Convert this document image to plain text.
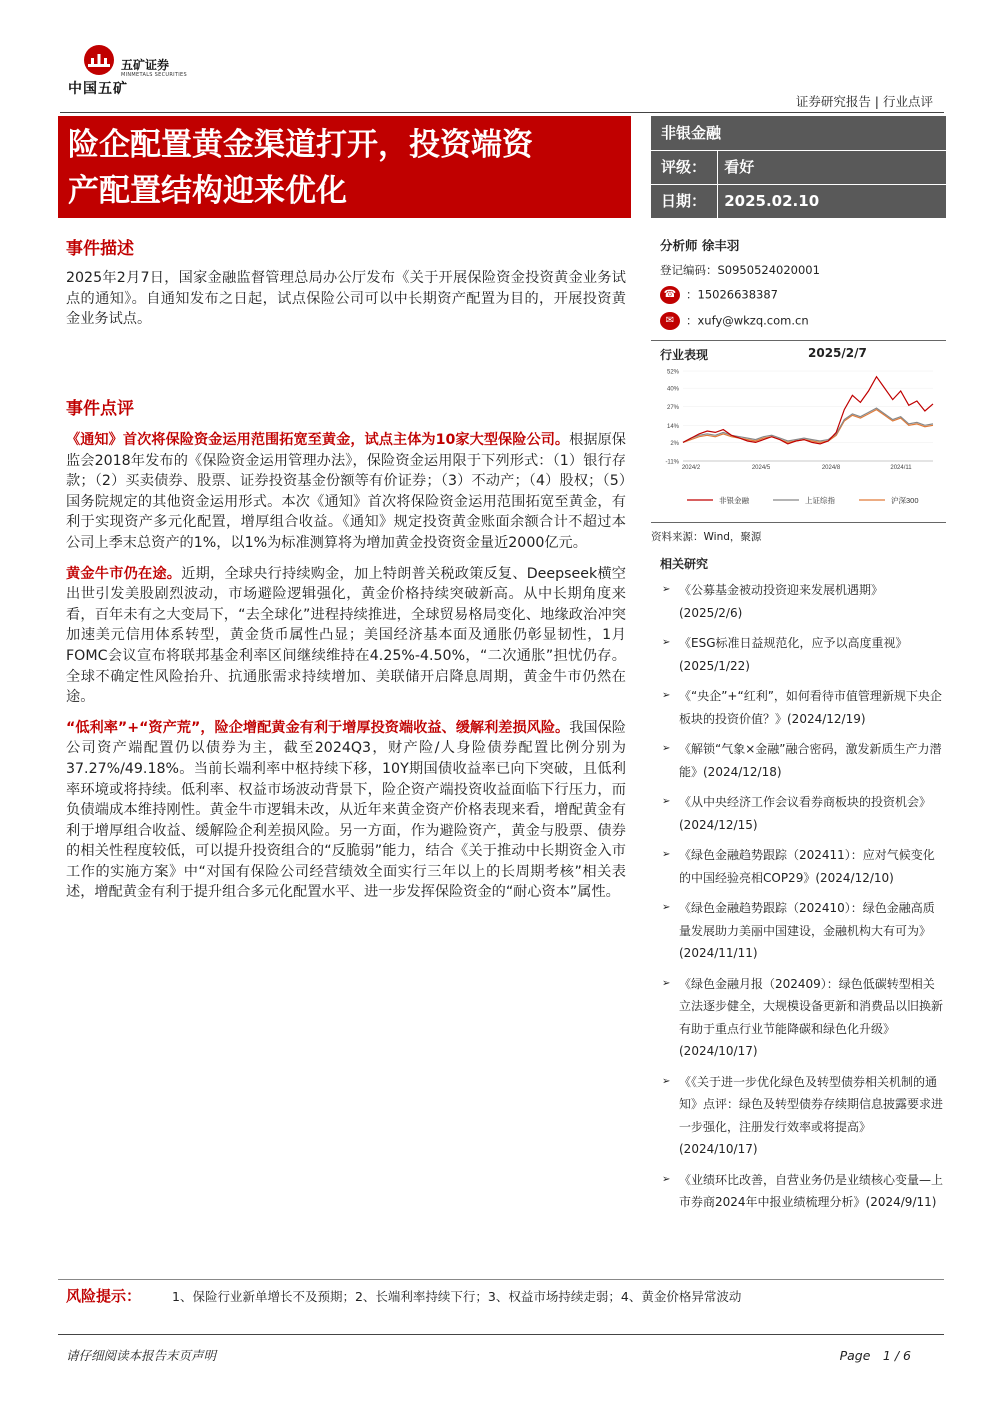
中国五矿
五矿证券
MINMETALS SECURITIES
证券研究报告 | 行业点评
险企配置黄金渠道打开，投资端资
产配置结构迎来优化
非银金融
评级： 看好
日期： 2025.02.10
事件描述
2025年2月7日，国家金融监督管理总局办公厅发布《关于开展保险资金投资黄金业务试点的通知》。自通知发布之日起，试点保险公司可以中长期资产配置为目的，开展投资黄金业务试点。
事件点评

《通知》首次将保险资金运用范围拓宽至黄金，试点主体为10家大型保险公司。根据原保监会2018年发布的《保险资金运用管理办法》，保险资金运用限于下列形式：（1）银行存款；（2）买卖债券、股票、证券投资基金份额等有价证券；（3）不动产；（4）股权；（5）国务院规定的其他资金运用形式。本次《通知》首次将保险资金运用范围拓宽至黄金，有利于实现资产多元化配置，增厚组合收益。《通知》规定投资黄金账面余额合计不超过本公司上季末总资产的1%，以1%为标准测算将为增加黄金投资资金量近2000亿元。

黄金牛市仍在途。近期，全球央行持续购金，加上特朗普关税政策反复、Deepseek横空出世引发美股剧烈波动，市场避险逻辑强化，黄金价格持续突破新高。从中长期角度来看，百年未有之大变局下，“去全球化”进程持续推进，全球贸易格局变化、地缘政治冲突加速美元信用体系转型，黄金货币属性凸显；美国经济基本面及通胀仍彰显韧性，1月FOMC会议宣布将联邦基金利率区间继续维持在4.25%-4.50%，“二次通胀”担忧仍存。全球不确定性风险抬升、抗通胀需求持续增加、美联储开启降息周期，黄金牛市仍然在途。

“低利率”+“资产荒”，险企增配黄金有利于增厚投资端收益、缓解利差损风险。我国保险公司资产端配置仍以债券为主，截至2024Q3，财产险/人身险债券配置比例分别为37.27%/49.18%。当前长端利率中枢持续下移，10Y期国债收益率已向下突破，且低利率环境或将持续。低利率、权益市场波动背景下，险企资产端投资收益面临下行压力，而负债端成本维持刚性。黄金牛市逻辑未改，从近年来黄金资产价格表现来看，增配黄金有利于增厚组合收益、缓解险企利差损风险。另一方面，作为避险资产，黄金与股票、债券的相关性程度较低，可以提升投资组合的“反脆弱”能力，结合《关于推动中长期资金入市工作的实施方案》中“对国有保险公司经营绩效全面实行三年以上的长周期考核”相关表述，增配黄金有利于提升组合多元化配置水平、进一步发挥保险资金的“耐心资本”属性。

分析师 徐丰羽
登记编码：S0950524020001
☎ ：15026638387
✉ ：xufy@wkzq.com.cn
行业表现	2025/2/7
52%
40%
27%
14%
2%
-11%
2024/2	2024/5	2024/8	2024/11
非银金融	上证综指	沪深300
资料来源：Wind，聚源
相关研究
➢ 《公募基金被动投资迎来发展机遇期》(2025/2/6)
➢ 《ESG标准日益规范化，应予以高度重视》(2025/1/22)
➢ 《“央企”+“红利”，如何看待市值管理新规下央企板块的投资价值？》(2024/12/19)
➢ 《解锁“气象×金融”融合密码，激发新质生产力潜能》(2024/12/18)
➢ 《从中央经济工作会议看券商板块的投资机会》(2024/12/15)
➢ 《绿色金融趋势跟踪（202411）：应对气候变化的中国经验亮相COP29》(2024/12/10)
➢ 《绿色金融趋势跟踪（202410）：绿色金融高质量发展助力美丽中国建设，金融机构大有可为》(2024/11/11)
➢ 《绿色金融月报（202409）：绿色低碳转型相关立法逐步健全，大规模设备更新和消费品以旧换新有助于重点行业节能降碳和绿色化升级》(2024/10/17)
➢ 《《关于进一步优化绿色及转型债券相关机制的通知》点评：绿色及转型债券存续期信息披露要求进一步强化，注册发行效率或将提高》(2024/10/17)
➢ 《业绩环比改善，自营业务仍是业绩核心变量—上市券商2024年中报业绩梳理分析》(2024/9/11)
风险提示： 1、保险行业新单增长不及预期；2、长端利率持续下行；3、权益市场持续走弱；4、黄金价格异常波动
请仔细阅读本报告末页声明	Page　1 / 6
